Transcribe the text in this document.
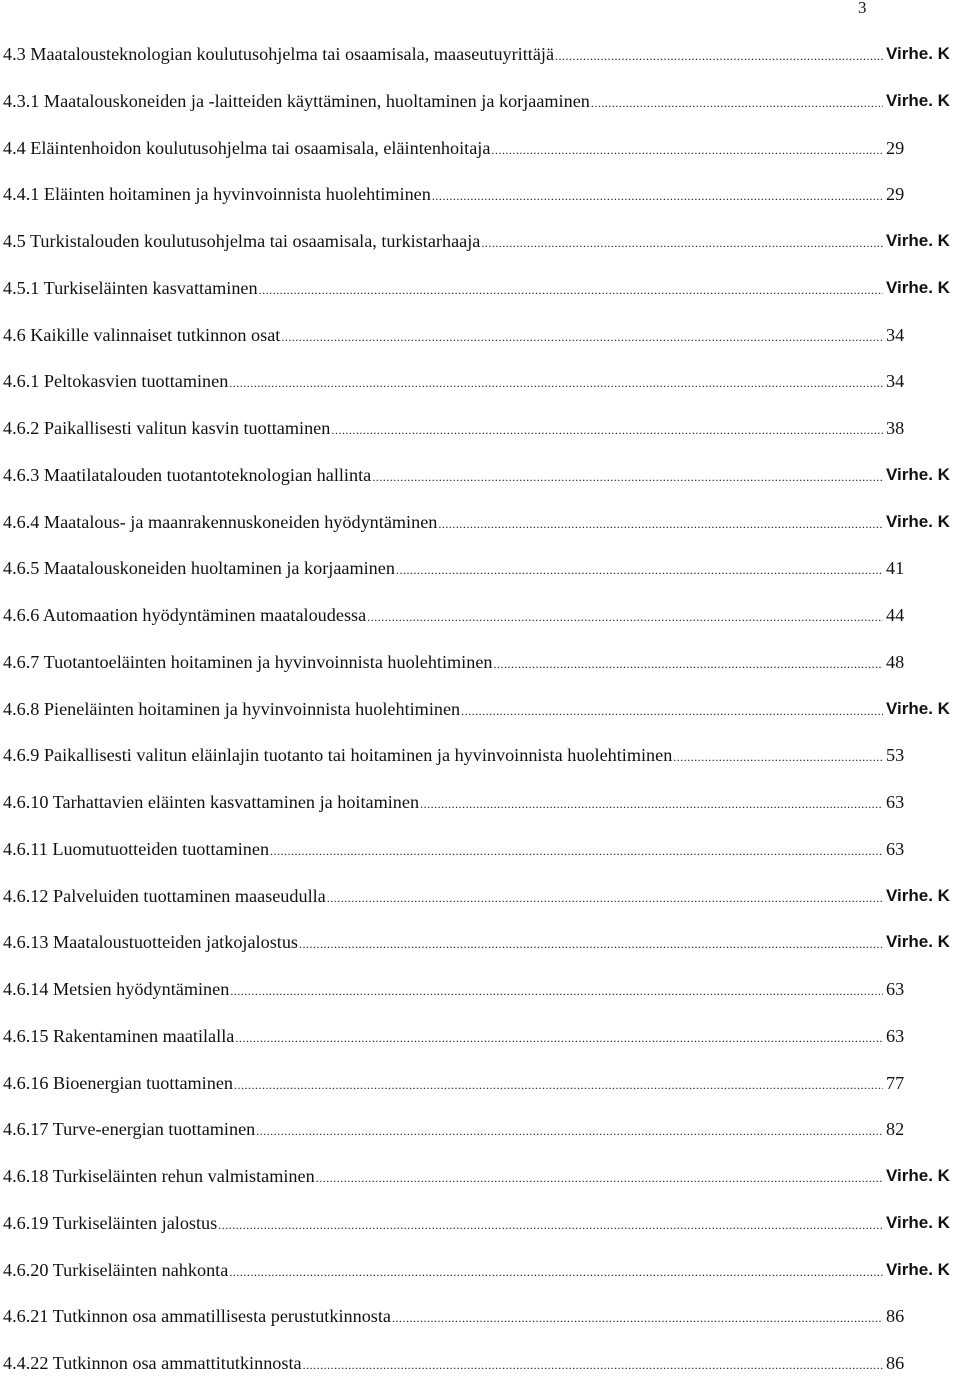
3
4.3 Maatalousteknologian koulutusohjelma tai osaamisala, maaseutuyrittäjä .....	Virhe. K
4.3.1 Maatalouskoneiden ja -laitteiden käyttäminen, huoltaminen ja korjaaminen .....	Virhe. K
4.4 Eläintenhoidon koulutusohjelma tai osaamisala, eläintenhoitaja .....	29
4.4.1 Eläinten hoitaminen ja hyvinvoinnista huolehtiminen .....	29
4.5 Turkistalouden koulutusohjelma tai osaamisala, turkistarhaaja .....	Virhe. K
4.5.1 Turkiseläinten kasvattaminen .....	Virhe. K
4.6 Kaikille valinnaiset tutkinnon osat .....	34
4.6.1 Peltokasvien tuottaminen .....	34
4.6.2 Paikallisesti valitun kasvin tuottaminen .....	38
4.6.3 Maatilatalouden tuotantoteknologian hallinta .....	Virhe. K
4.6.4 Maatalous- ja maanrakennuskoneiden hyödyntäminen .....	Virhe. K
4.6.5 Maatalouskoneiden huoltaminen ja korjaaminen .....	41
4.6.6 Automaation hyödyntäminen maataloudessa .....	44
4.6.7 Tuotantoeläinten hoitaminen ja hyvinvoinnista huolehtiminen .....	48
4.6.8 Pieneläinten hoitaminen ja hyvinvoinnista huolehtiminen .....	Virhe. K
4.6.9 Paikallisesti valitun eläinlajin tuotanto tai hoitaminen ja hyvinvoinnista huolehtiminen .....	53
4.6.10 Tarhattavien eläinten kasvattaminen ja hoitaminen .....	63
4.6.11 Luomutuotteiden tuottaminen .....	63
4.6.12 Palveluiden tuottaminen maaseudulla .....	Virhe. K
4.6.13 Maataloustuotteiden jatkojalostus .....	Virhe. K
4.6.14 Metsien hyödyntäminen .....	63
4.6.15 Rakentaminen maatilalla .....	63
4.6.16 Bioenergian tuottaminen .....	77
4.6.17 Turve-energian tuottaminen .....	82
4.6.18 Turkiseläinten rehun valmistaminen .....	Virhe. K
4.6.19 Turkiseläinten jalostus .....	Virhe. K
4.6.20 Turkiseläinten nahkonta .....	Virhe. K
4.6.21 Tutkinnon osa ammatillisesta perustutkinnosta .....	86
4.4.22 Tutkinnon osa ammattitutkinnosta .....	86
